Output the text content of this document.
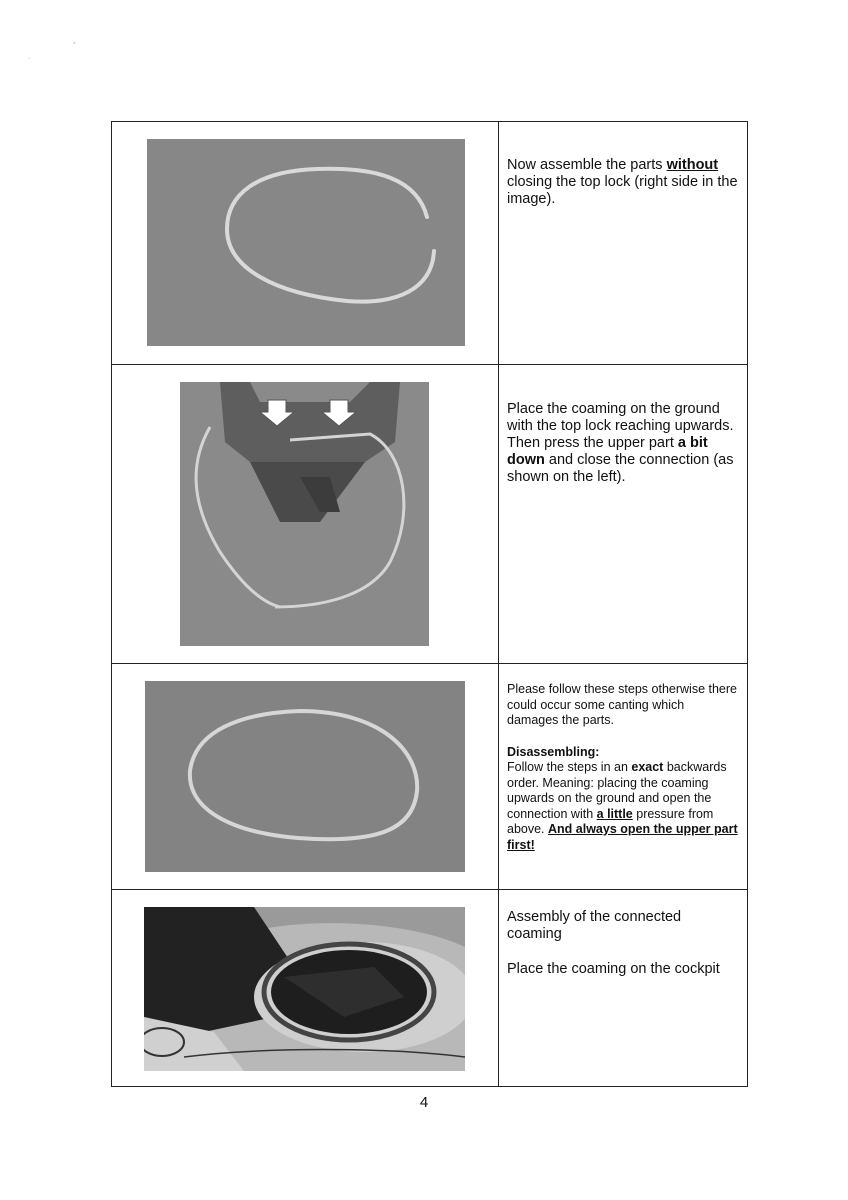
◦
·
Now assemble the parts without closing the top lock (right side in the image).
Place the coaming on the ground with the top lock reaching upwards. Then press the upper part a bit down and close the connection (as shown on the left).
Please follow these steps otherwise there could occur some canting which damages the parts.
Disassembling:
Follow the steps in an exact backwards order. Meaning: placing the coaming upwards on the ground and open the connection with a little pressure from above. And always open the upper part first!
Assembly of the connected coaming
Place the coaming on the cockpit
4
